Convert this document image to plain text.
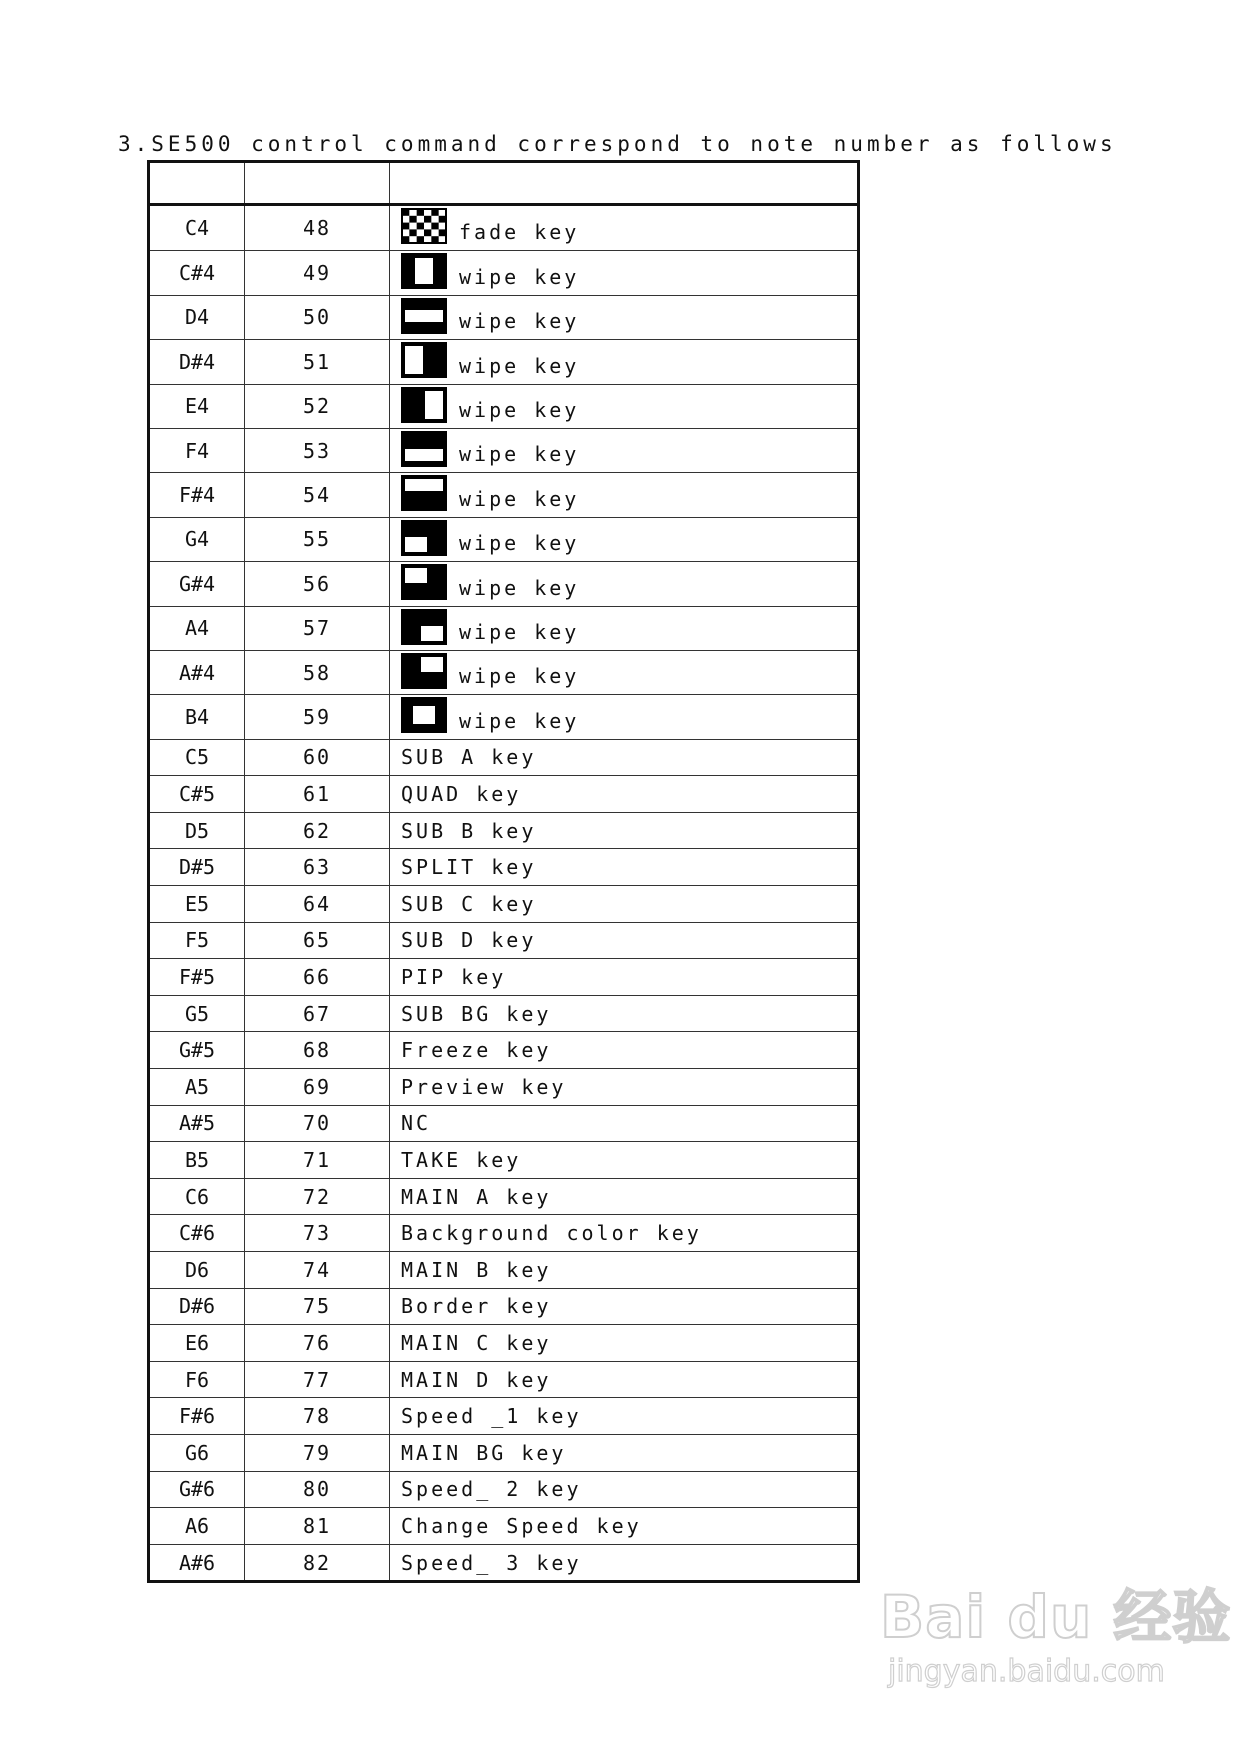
3.SE500 control command correspond to note number as follows
C4	48	fade key
C#4	49	wipe key
D4	50	wipe key
D#4	51	wipe key
E4	52	wipe key
F4	53	wipe key
F#4	54	wipe key
G4	55	wipe key
G#4	56	wipe key
A4	57	wipe key
A#4	58	wipe key
B4	59	wipe key
C5	60	SUB A key
C#5	61	QUAD key
D5	62	SUB B key
D#5	63	SPLIT key
E5	64	SUB C key
F5	65	SUB D key
F#5	66	PIP key
G5	67	SUB BG key
G#5	68	Freeze key
A5	69	Preview key
A#5	70	NC
B5	71	TAKE key
C6	72	MAIN A key
C#6	73	Background color key
D6	74	MAIN B key
D#6	75	Border key
E6	76	MAIN C key
F6	77	MAIN D key
F#6	78	Speed _1 key
G6	79	MAIN BG key
G#6	80	Speed_ 2 key
A6	81	Change Speed key
A#6	82	Speed_ 3 key
Bai du 经验
jingyan.baidu.com
